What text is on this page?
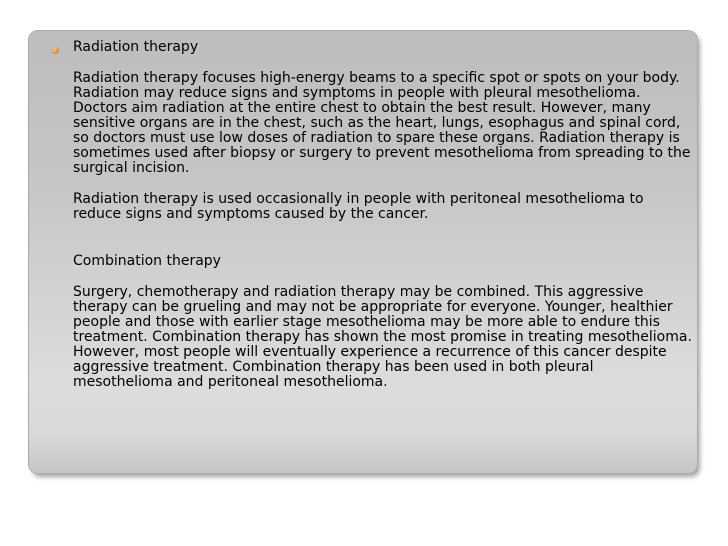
Radiation therapy

Radiation therapy focuses high-energy beams to a specific spot or spots on your body. Radiation may reduce signs and symptoms in people with pleural mesothelioma. Doctors aim radiation at the entire chest to obtain the best result. However, many sensitive organs are in the chest, such as the heart, lungs, esophagus and spinal cord, so doctors must use low doses of radiation to spare these organs. Radiation therapy is sometimes used after biopsy or surgery to prevent mesothelioma from spreading to the surgical incision.

Radiation therapy is used occasionally in people with peritoneal mesothelioma to reduce signs and symptoms caused by the cancer.

Combination therapy

Surgery, chemotherapy and radiation therapy may be combined. This aggressive therapy can be grueling and may not be appropriate for everyone. Younger, healthier people and those with earlier stage mesothelioma may be more able to endure this treatment. Combination therapy has shown the most promise in treating mesothelioma. However, most people will eventually experience a recurrence of this cancer despite aggressive treatment. Combination therapy has been used in both pleural mesothelioma and peritoneal mesothelioma.
